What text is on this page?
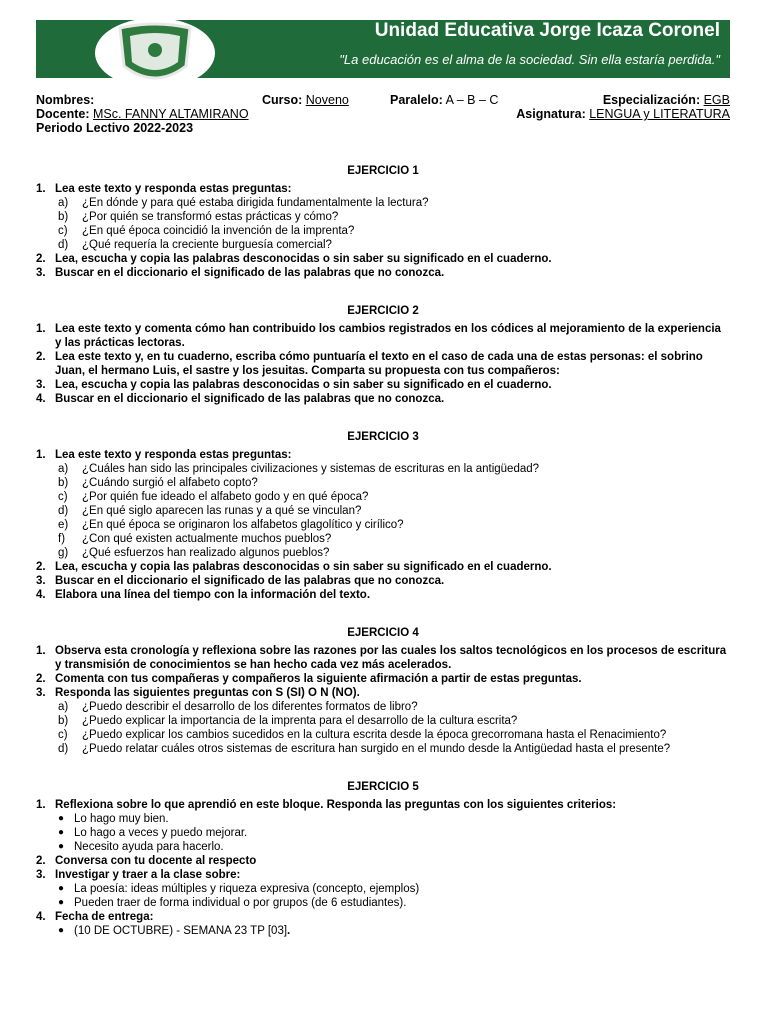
Unidad Educativa Jorge Icaza Coronel
"La educación es el alma de la sociedad. Sin ella estaría perdida."
Nombres:	Curso: Noveno	Paralelo: A – B – C	Especialización: EGB
Docente: MSc. FANNY ALTAMIRANO	Asignatura: LENGUA y LITERATURA
Periodo Lectivo 2022-2023
EJERCICIO 1
1. Lea este texto y responda estas preguntas:
a)	¿En dónde y para qué estaba dirigida fundamentalmente la lectura?
b)	¿Por quién se transformó estas prácticas y cómo?
c)	¿En qué época coincidió la invención de la imprenta?
d)	¿Qué requería la creciente burguesía comercial?
2. Lea, escucha y copia las palabras desconocidas o sin saber su significado en el cuaderno.
3. Buscar en el diccionario el significado de las palabras que no conozca.
EJERCICIO 2
1. Lea este texto y comenta cómo han contribuido los cambios registrados en los códices al mejoramiento de la experiencia y las prácticas lectoras.
2. Lea este texto y, en tu cuaderno, escriba cómo puntuaría el texto en el caso de cada una de estas personas: el sobrino Juan, el hermano Luis, el sastre y los jesuitas. Comparta su propuesta con tus compañeros:
3. Lea, escucha y copia las palabras desconocidas o sin saber su significado en el cuaderno.
4. Buscar en el diccionario el significado de las palabras que no conozca.
EJERCICIO 3
1. Lea este texto y responda estas preguntas:
a)	¿Cuáles han sido las principales civilizaciones y sistemas de escrituras en la antigüedad?
b)	¿Cuándo surgió el alfabeto copto?
c)	¿Por quién fue ideado el alfabeto godo y en qué época?
d)	¿En qué siglo aparecen las runas y a qué se vinculan?
e)	¿En qué época se originaron los alfabetos glagolítico y cirílico?
f)	¿Con qué existen actualmente muchos pueblos?
g)	¿Qué esfuerzos han realizado algunos pueblos?
2. Lea, escucha y copia las palabras desconocidas o sin saber su significado en el cuaderno.
3. Buscar en el diccionario el significado de las palabras que no conozca.
4. Elabora una línea del tiempo con la información del texto.
EJERCICIO 4
1. Observa esta cronología y reflexiona sobre las razones por las cuales los saltos tecnológicos en los procesos de escritura y transmisión de conocimientos se han hecho cada vez más acelerados.
2. Comenta con tus compañeras y compañeros la siguiente afirmación a partir de estas preguntas.
3. Responda las siguientes preguntas con S (SI) O N (NO).
a)	¿Puedo describir el desarrollo de los diferentes formatos de libro?
b)	¿Puedo explicar la importancia de la imprenta para el desarrollo de la cultura escrita?
c)	¿Puedo explicar los cambios sucedidos en la cultura escrita desde la época grecorromana hasta el Renacimiento?
d)	¿Puedo relatar cuáles otros sistemas de escritura han surgido en el mundo desde la Antigüedad hasta el presente?
EJERCICIO 5
1. Reflexiona sobre lo que aprendió en este bloque. Responda las preguntas con los siguientes criterios:
● Lo hago muy bien.
● Lo hago a veces y puedo mejorar.
● Necesito ayuda para hacerlo.
2. Conversa con tu docente al respecto
3. Investigar y traer a la clase sobre:
● La poesía: ideas múltiples y riqueza expresiva (concepto, ejemplos)
● Pueden traer de forma individual o por grupos (de 6 estudiantes).
4. Fecha de entrega:
● (10 DE OCTUBRE) - SEMANA 23 TP [03].
